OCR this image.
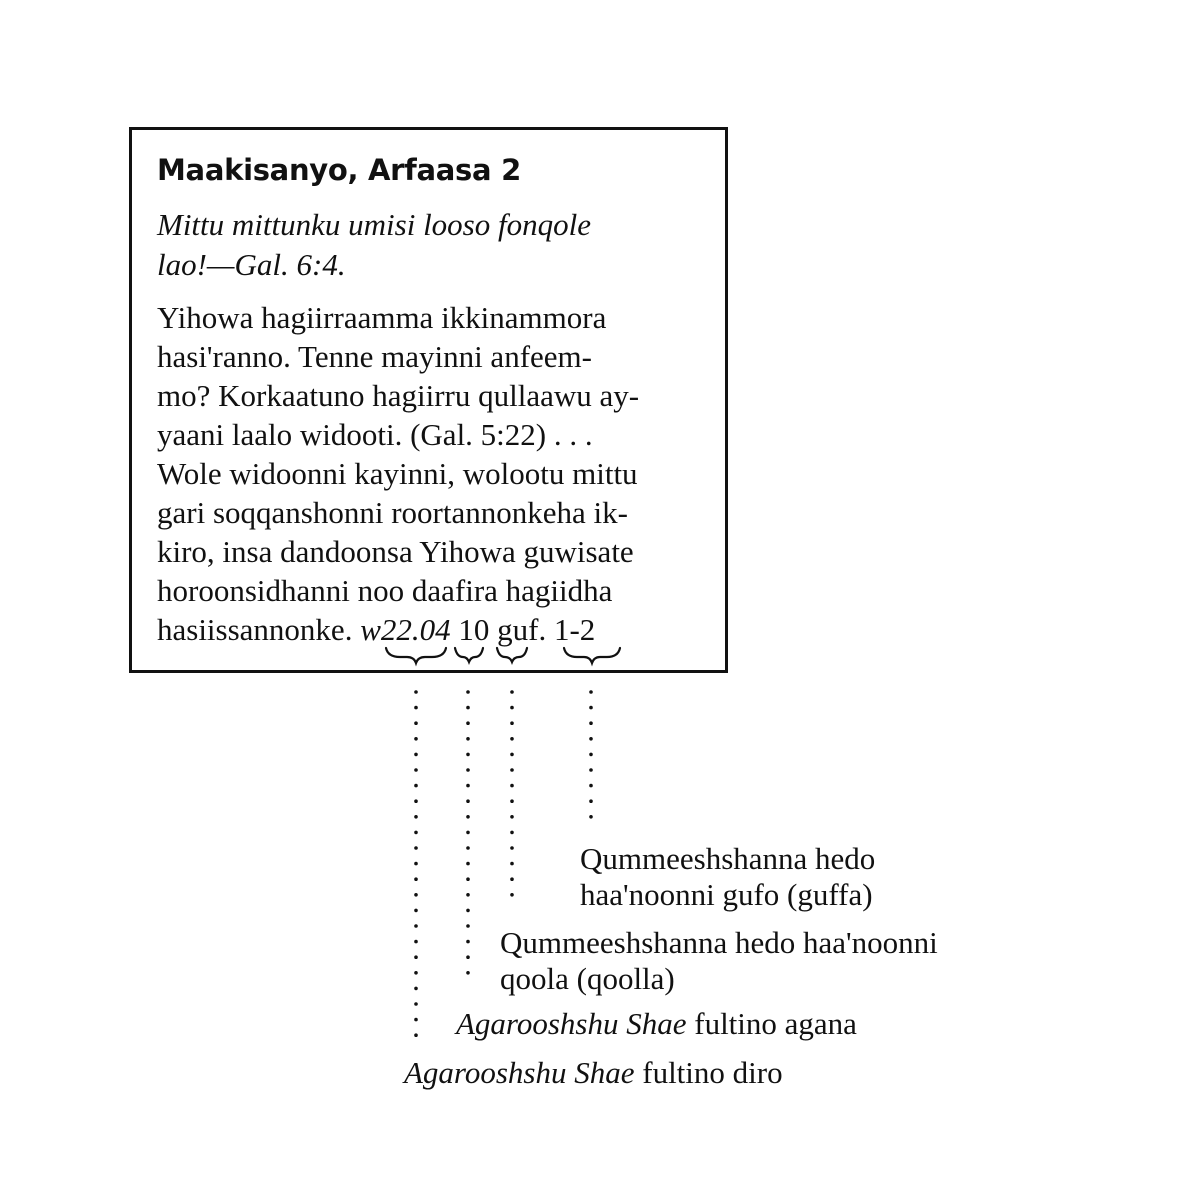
Maakisanyo, Arfaasa 2
Mittu mittunku umisi looso fonqole
lao!—Gal. 6:4.
Yihowa hagiirraamma ikkinammora
hasi'ranno. Tenne mayinni anfeem-
mo? Korkaatuno hagiirru qullaawu ay-
yaani laalo widooti. (Gal. 5:22) . . .
Wole widoonni kayinni, wolootu mittu
gari soqqanshonni roortannonkeha ik-
kiro, insa dandoonsa Yihowa guwisate
horoonsidhanni noo daafira hagiidha
hasiissannonke. w22.04 10 guf. 1-2
Qummeeshshanna hedo
haa'noonni gufo (guffa)
Qummeeshshanna hedo haa'noonni
qoola (qoolla)
Agarooshshu Shae fultino agana
Agarooshshu Shae fultino diro
